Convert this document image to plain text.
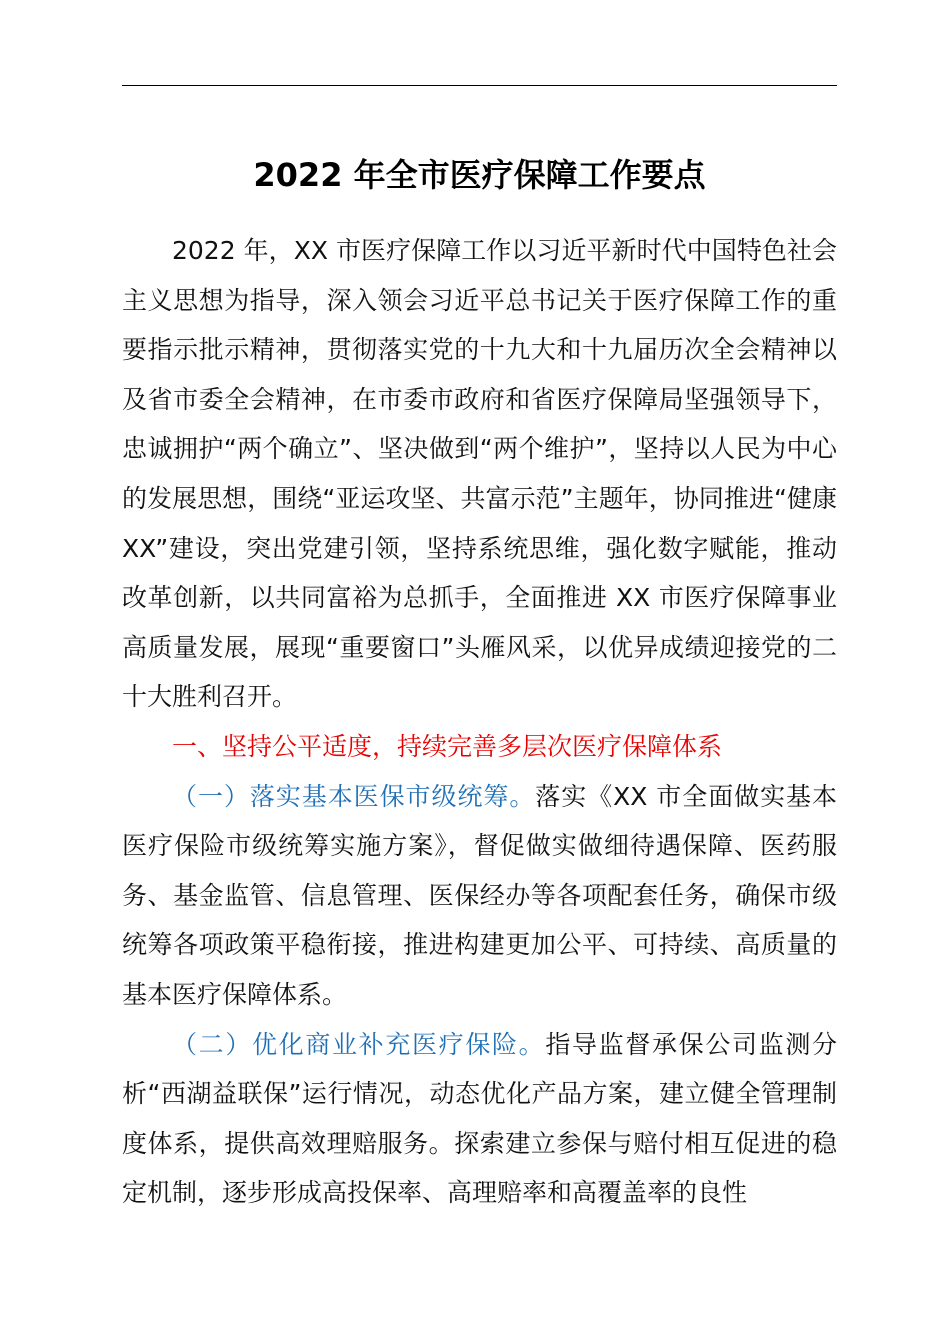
2022 年全市医疗保障工作要点

2022 年，XX 市医疗保障工作以习近平新时代中国特色社会主义思想为指导，深入领会习近平总书记关于医疗保障工作的重要指示批示精神，贯彻落实党的十九大和十九届历次全会精神以及省市委全会精神，在市委市政府和省医疗保障局坚强领导下，忠诚拥护“两个确立”、坚决做到“两个维护”，坚持以人民为中心的发展思想，围绕“亚运攻坚、共富示范”主题年，协同推进“健康 XX”建设，突出党建引领，坚持系统思维，强化数字赋能，推动改革创新，以共同富裕为总抓手，全面推进 XX 市医疗保障事业高质量发展，展现“重要窗口”头雁风采，以优异成绩迎接党的二十大胜利召开。

一、坚持公平适度，持续完善多层次医疗保障体系

（一）落实基本医保市级统筹。落实《XX 市全面做实基本医疗保险市级统筹实施方案》，督促做实做细待遇保障、医药服务、基金监管、信息管理、医保经办等各项配套任务，确保市级统筹各项政策平稳衔接，推进构建更加公平、可持续、高质量的基本医疗保障体系。

（二）优化商业补充医疗保险。指导监督承保公司监测分析“西湖益联保”运行情况，动态优化产品方案，建立健全管理制度体系，提供高效理赔服务。探索建立参保与赔付相互促进的稳定机制，逐步形成高投保率、高理赔率和高覆盖率的良性
